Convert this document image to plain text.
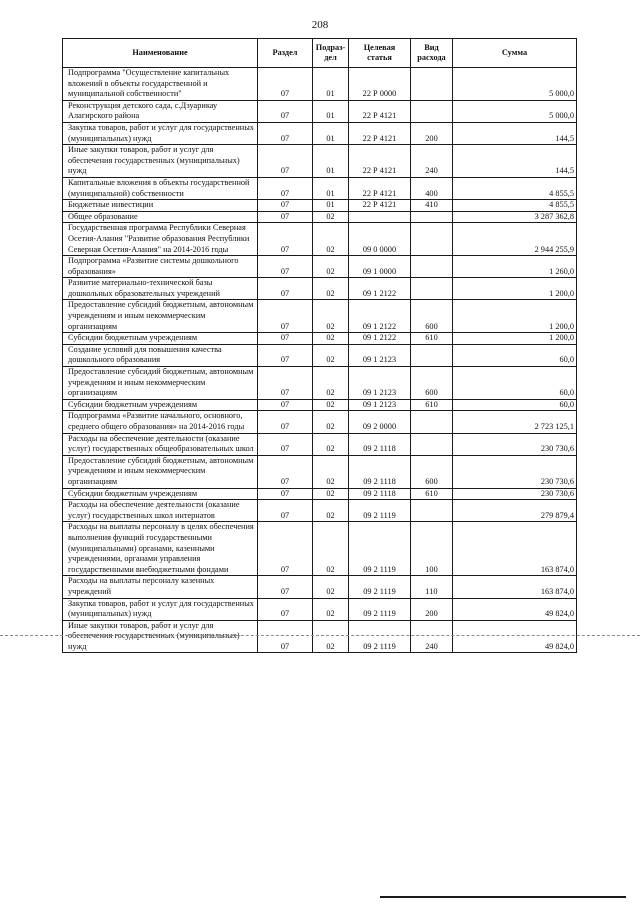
208
Наименование	Раздел	Подраз-дел	Целевая статья	Вид расхода	Сумма

Подпрограмма "Осуществление капитальных вложений в объекты государственной и муниципальной собственности"	07	01	22 Р 0000		5 000,0

Реконструкция детского сада, с.Дзуарикау Алагирского района	07	01	22 Р 4121		5 000,0

Закупка товаров, работ и услуг для государственных (муниципальных) нужд	07	01	22 Р 4121	200	144,5

Иные закупки товаров, работ и услуг для обеспечения государственных (муниципальных) нужд	07	01	22 Р 4121	240	144,5

Капитальные вложения в объекты государственной (муниципальной) собственности	07	01	22 Р 4121	400	4 855,5

Бюджетные инвестиции	07	01	22 Р 4121	410	4 855,5

Общее образование	07	02			3 287 362,8

Государственная программа Республики Северная Осетия-Алания "Развитие образования Республики Северная Осетия-Алания" на 2014-2016 годы	07	02	09 0 0000		2 944 255,9

Подпрограмма «Развитие системы дошкольного образования»	07	02	09 1 0000		1 260,0

Развитие материально-технической базы дошкольных образовательных учреждений	07	02	09 1 2122		1 200,0

Предоставление субсидий бюджетным, автономным учреждениям и иным некоммерческим организациям	07	02	09 1 2122	600	1 200,0

Субсидии бюджетным учреждениям	07	02	09 1 2122	610	1 200,0

Создание условий для повышения качества дошкольного образования	07	02	09 1 2123		60,0

Предоставление субсидий бюджетным, автономным учреждениям и иным некоммерческим организациям	07	02	09 1 2123	600	60,0

Субсидии бюджетным учреждениям	07	02	09 1 2123	610	60,0

Подпрограмма «Развитие начального, основного, среднего общего образования» на 2014-2016 годы	07	02	09 2 0000		2 723 125,1

Расходы на обеспечение деятельности (оказание услуг) государственных общеобразовательных школ	07	02	09 2 1118		230 730,6

Предоставление субсидий бюджетным, автономным учреждениям и иным некоммерческим организациям	07	02	09 2 1118	600	230 730,6

Субсидии бюджетным учреждениям	07	02	09 2 1118	610	230 730,6

Расходы на обеспечение деятельности (оказание услуг) государственных школ интернатов	07	02	09 2 1119		279 879,4

Расходы на выплаты персоналу в целях обеспечения выполнения функций государственными (муниципальными) органами, казенными учреждениями, органами управления государственными внебюджетными фондами	07	02	09 2 1119	100	163 874,0

Расходы на выплаты персоналу казенных учреждений	07	02	09 2 1119	110	163 874,0

Закупка товаров, работ и услуг для государственных (муниципальных) нужд	07	02	09 2 1119	200	49 824,0

Иные закупки товаров, работ и услуг для обеспечения государственных (муниципальных) нужд	07	02	09 2 1119	240	49 824,0
